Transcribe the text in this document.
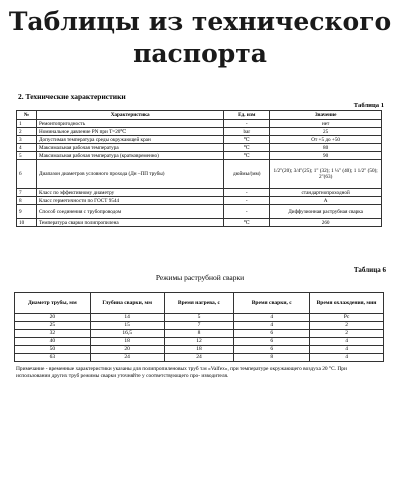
Таблицы из технического паспорта
2. Технические характеристики
Таблица 1
№	Характеристика	Ед. изм	Значение
1	Ремонтопригодность	-	нет
2	Номинальное давление PN при T=20℃	bar	25
3	Допустимая температура среды окружающей кран	℃	От +5 до +50
4	Максимальная рабочая температура	℃	80
5	Максимальная рабочая температура (кратковременно)	℃	90
6	Диапазон диаметров условного прохода (Дн –ПП трубы)	дюймы/(мм)	1/2"(20); 3/4"(25); 1" (32); 1 ¼" (40); 1 1/2" (50); 2"(63)
7	Класс по эффективному диаметру	-	стандартнопроходной
8	Класс герметичности по ГОСТ 9544	-	А
9	Способ соединения с трубопроводом	-	Диффузионная раструбная сварка
10	Температура сварки полипропилена	℃	260
Таблица 6
Режимы раструбной сварки
Диаметр трубы, мм	Глубина сварки, мм	Время нагрева, с	Время сварки, с	Время охлаждения, мин
20	14	5	4	Рс
25	15	7	4	2
32	16,5	8	6	2
40	18	12	6	4
50	20	18	6	4
63	24	24	8	4
Примечание - временные характеристики указаны для полипропиленовых труб т.м «Valfex», при температуре окружающего воздуха 20 °С. При использовании других труб режимы сварки уточняйте у соответствующего про- изводителя.
